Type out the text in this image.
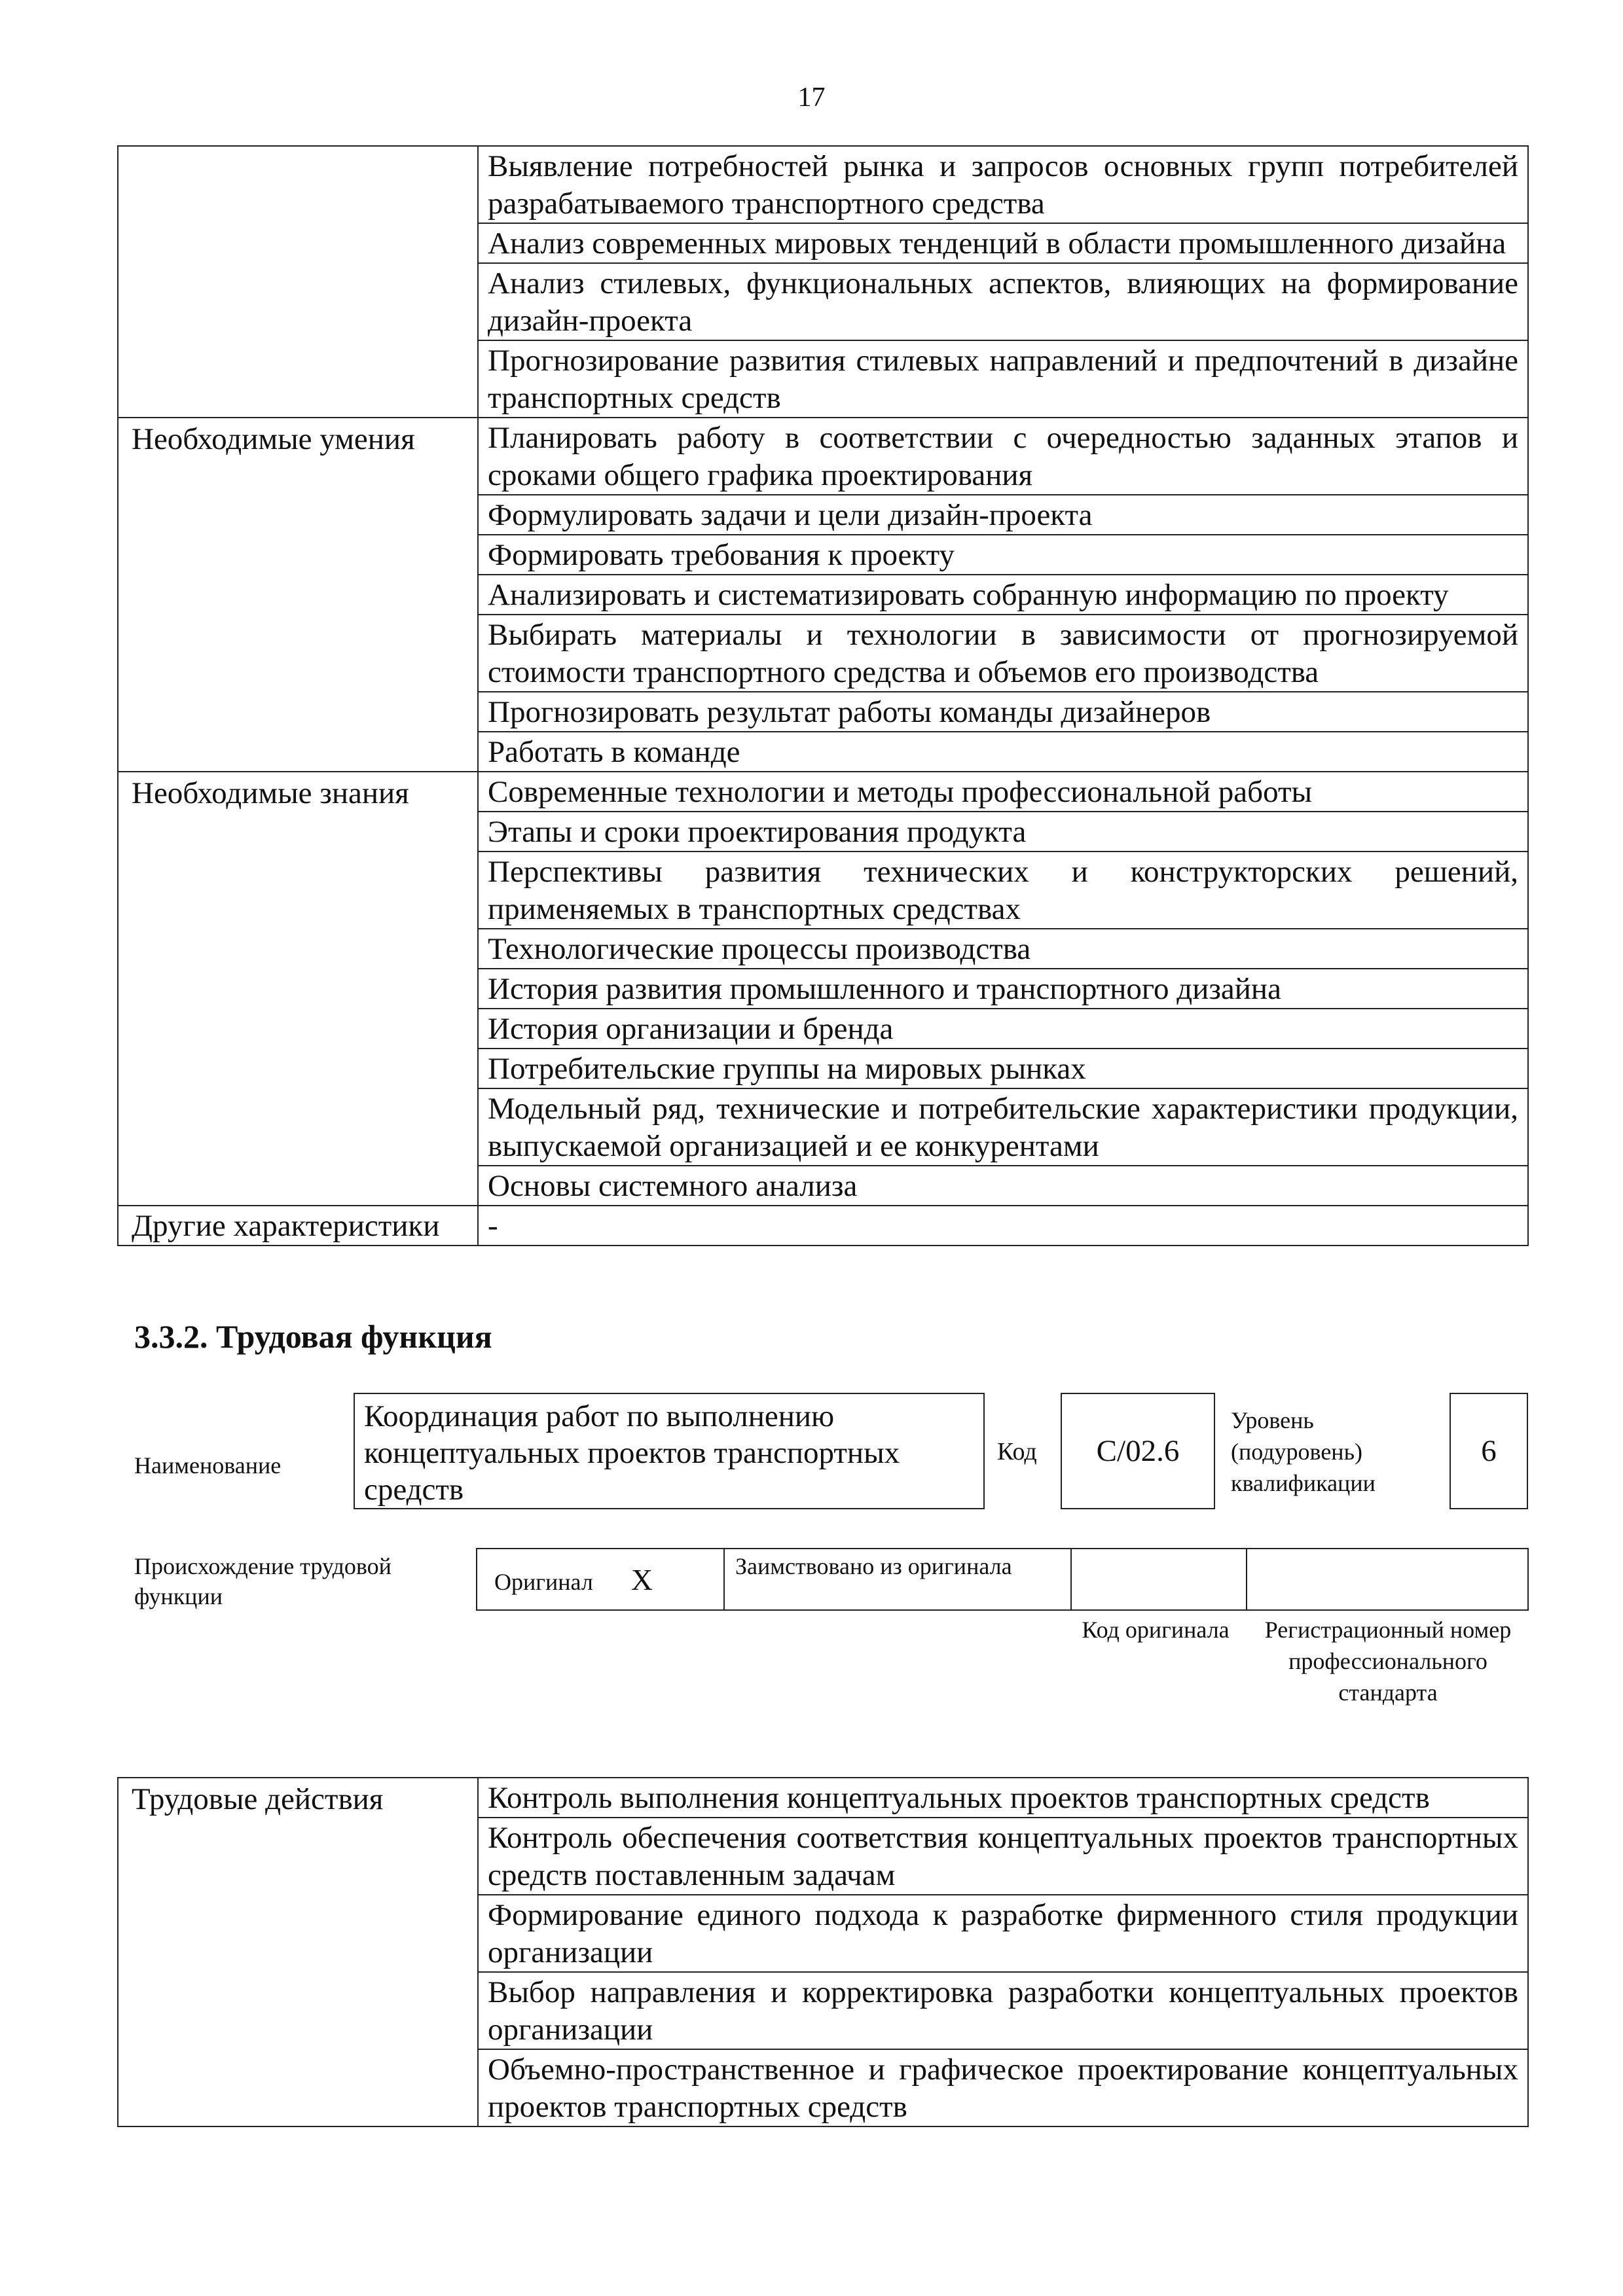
17
	Выявление потребностей рынка и запросов основных групп потребителей разрабатываемого транспортного средства
	Анализ современных мировых тенденций в области промышленного дизайна
	Анализ стилевых, функциональных аспектов, влияющих на формирование дизайн-проекта
	Прогнозирование развития стилевых направлений и предпочтений в дизайне транспортных средств
Необходимые умения	Планировать работу в соответствии с очередностью заданных этапов и сроками общего графика проектирования
	Формулировать задачи и цели дизайн-проекта
	Формировать требования к проекту
	Анализировать и систематизировать собранную информацию по проекту
	Выбирать материалы и технологии в зависимости от прогнозируемой стоимости транспортного средства и объемов его производства
	Прогнозировать результат работы команды дизайнеров
	Работать в команде
Необходимые знания	Современные технологии и методы профессиональной работы
	Этапы и сроки проектирования продукта
	Перспективы развития технических и конструкторских решений, применяемых в транспортных средствах
	Технологические процессы производства
	История развития промышленного и транспортного дизайна
	История организации и бренда
	Потребительские группы на мировых рынках
	Модельный ряд, технические и потребительские характеристики продукции, выпускаемой организацией и ее конкурентами
	Основы системного анализа
Другие характеристики	-
3.3.2. Трудовая функция
Наименование
Координация работ по выполнению концептуальных проектов транспортных средств
Код	C/02.6
Уровень (подуровень) квалификации
6
Происхождение трудовой функции
Оригинал X	Заимствовано из оригинала		
Код оригинала	Регистрационный номер профессионального стандарта
Трудовые действия	Контроль выполнения концептуальных проектов транспортных средств
Контроль обеспечения соответствия концептуальных проектов транспортных средств поставленным задачам
Формирование единого подхода к разработке фирменного стиля продукции организации
Выбор направления и корректировка разработки концептуальных проектов организации
Объемно-пространственное и графическое проектирование концептуальных проектов транспортных средств
